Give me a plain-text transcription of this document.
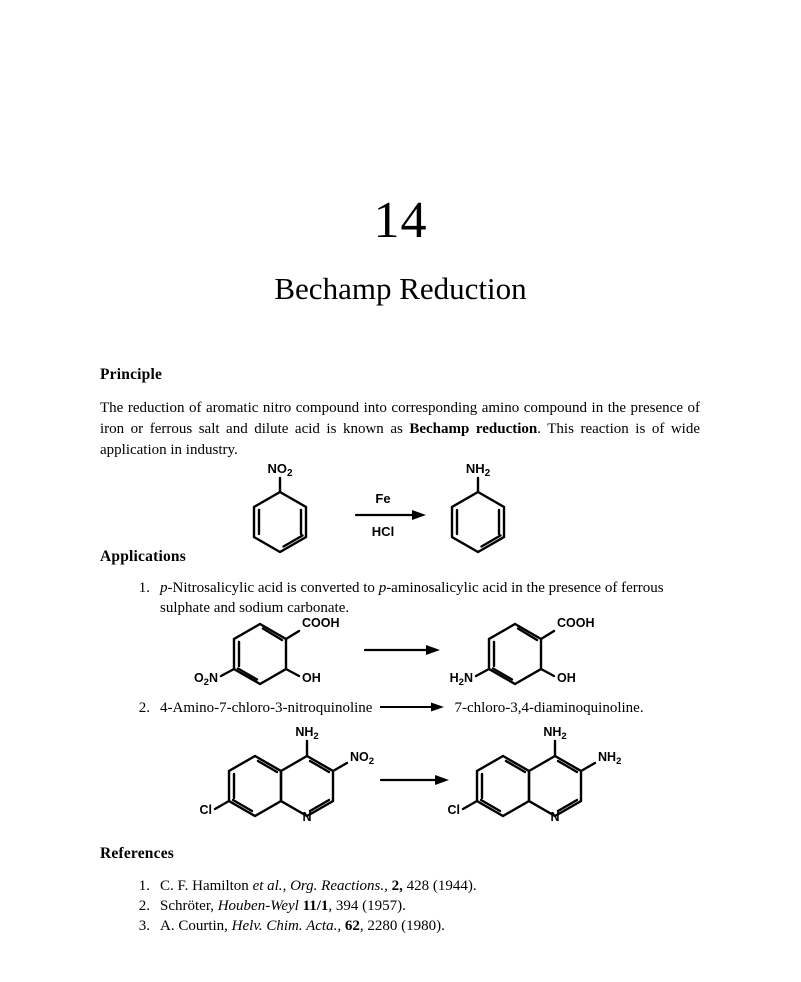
14
Bechamp Reduction
Principle
The reduction of aromatic nitro compound into corresponding amino compound in the presence of iron or ferrous salt and dilute acid is known as Bechamp reduction. This reaction is of wide application in industry.
$NO_2$	$NH_2$
Fe
HCl
Applications
1. p-Nitrosalicylic acid is converted to p-aminosalicylic acid in the presence of ferrous sulphate and sodium carbonate.
COOH
OH
$O_2N$
COOH
OH
$H_2N$
2. 4-Amino-7-chloro-3-nitroquinoline	7-chloro-3,4-diaminoquinoline.
$NH_2$
$NO_2$
Cl	N
$NH_2$
$NH_2$
Cl	N
References
1. C. F. Hamilton et al., Org. Reactions., 2, 428 (1944).
2. Schröter, Houben-Weyl 11/1, 394 (1957).
3. A. Courtin, Helv. Chim. Acta., 62, 2280 (1980).
